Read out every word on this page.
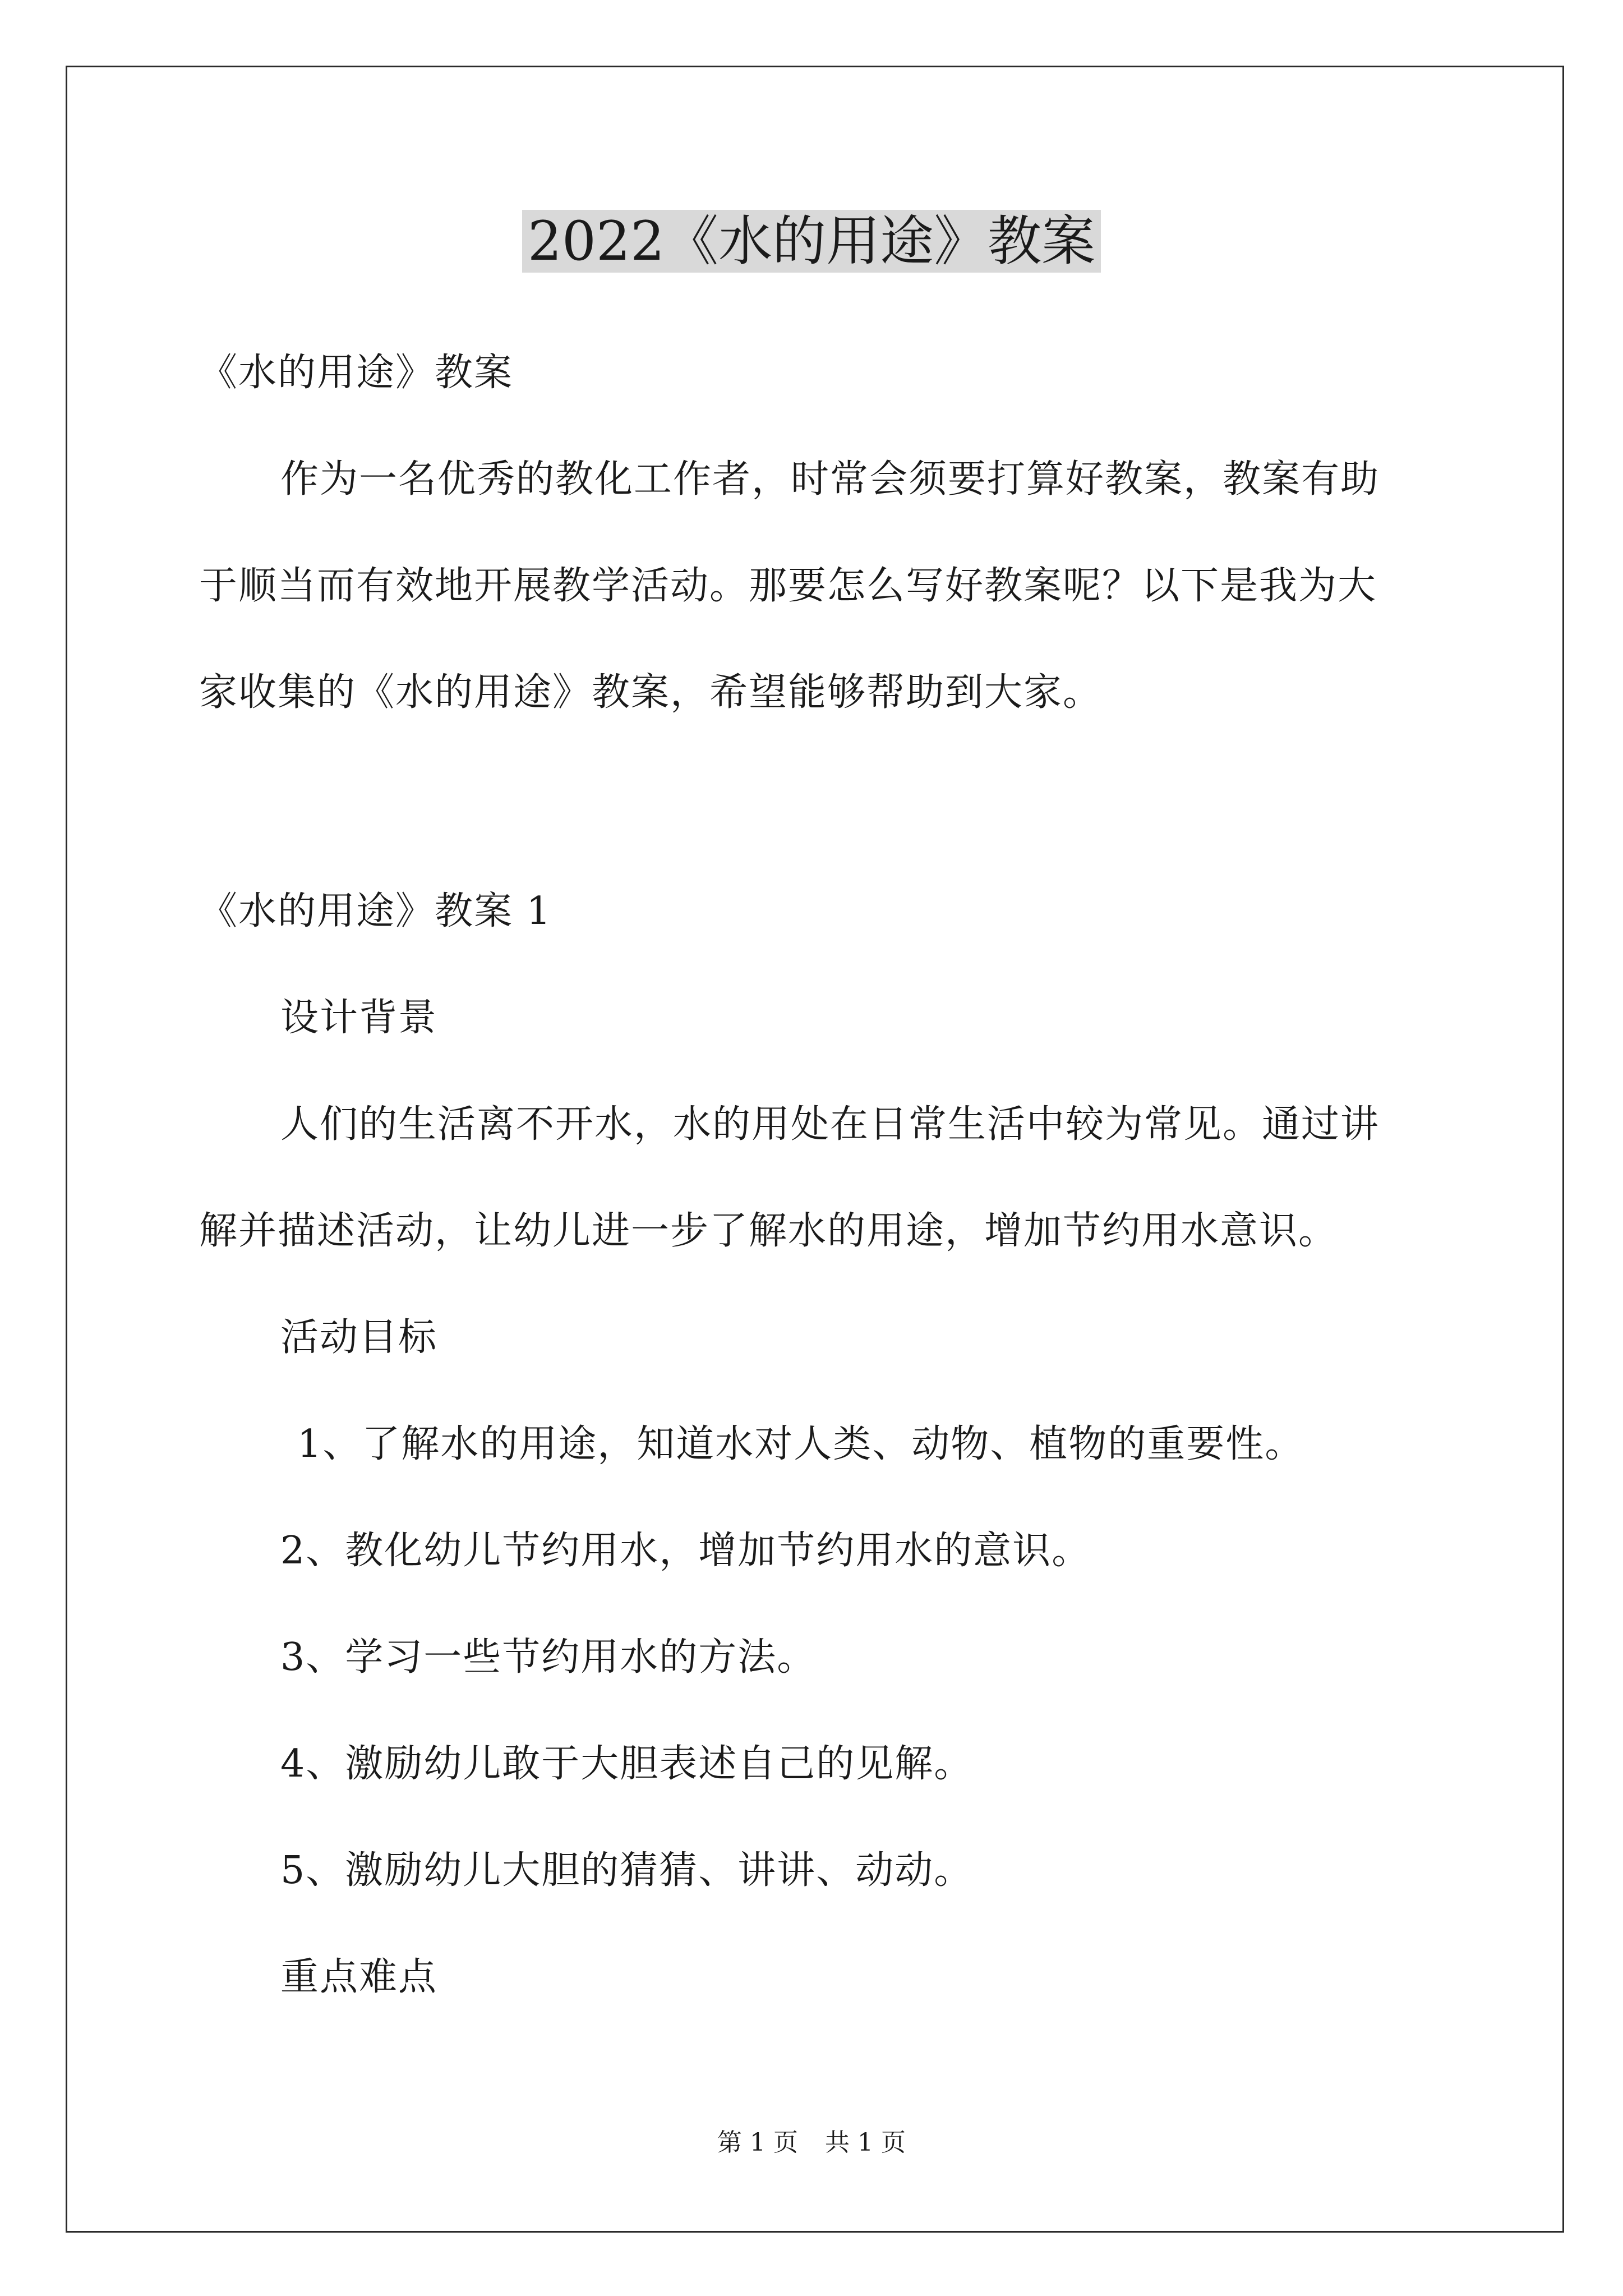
2022《水的用途》教案
《水的用途》教案
作为一名优秀的教化工作者，时常会须要打算好教案，教案有助
于顺当而有效地开展教学活动。那要怎么写好教案呢？以下是我为大
家收集的《水的用途》教案，希望能够帮助到大家。
《水的用途》教案 1
设计背景
人们的生活离不开水，水的用处在日常生活中较为常见。通过讲
解并描述活动，让幼儿进一步了解水的用途，增加节约用水意识。
活动目标
1、了解水的用途，知道水对人类、动物、植物的重要性。
2、教化幼儿节约用水，增加节约用水的意识。
3、学习一些节约用水的方法。
4、激励幼儿敢于大胆表述自己的见解。
5、激励幼儿大胆的猜猜、讲讲、动动。
重点难点
第 1 页 共 1 页
